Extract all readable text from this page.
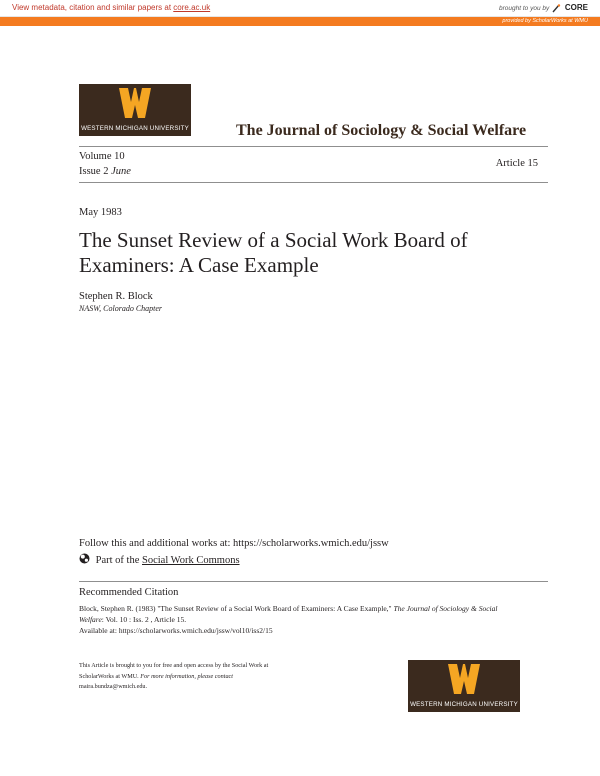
View metadata, citation and similar papers at core.ac.uk	brought to you by CORE
provided by ScholarWorks at WMU
WESTERN MICHIGAN UNIVERSITY	The Journal of Sociology & Social Welfare
Volume 10
Issue 2 June
Article 15
May 1983
The Sunset Review of a Social Work Board of Examiners: A Case Example
Stephen R. Block
NASW, Colorado Chapter
Follow this and additional works at: https://scholarworks.wmich.edu/jssw
Part of the Social Work Commons
Recommended Citation
Block, Stephen R. (1983) "The Sunset Review of a Social Work Board of Examiners: A Case Example," The Journal of Sociology & Social Welfare: Vol. 10 : Iss. 2 , Article 15.
Available at: https://scholarworks.wmich.edu/jssw/vol10/iss2/15
This Article is brought to you for free and open access by the Social Work at
ScholarWorks at WMU. For more information, please contact
maira.bundza@wmich.edu.
WESTERN MICHIGAN UNIVERSITY
